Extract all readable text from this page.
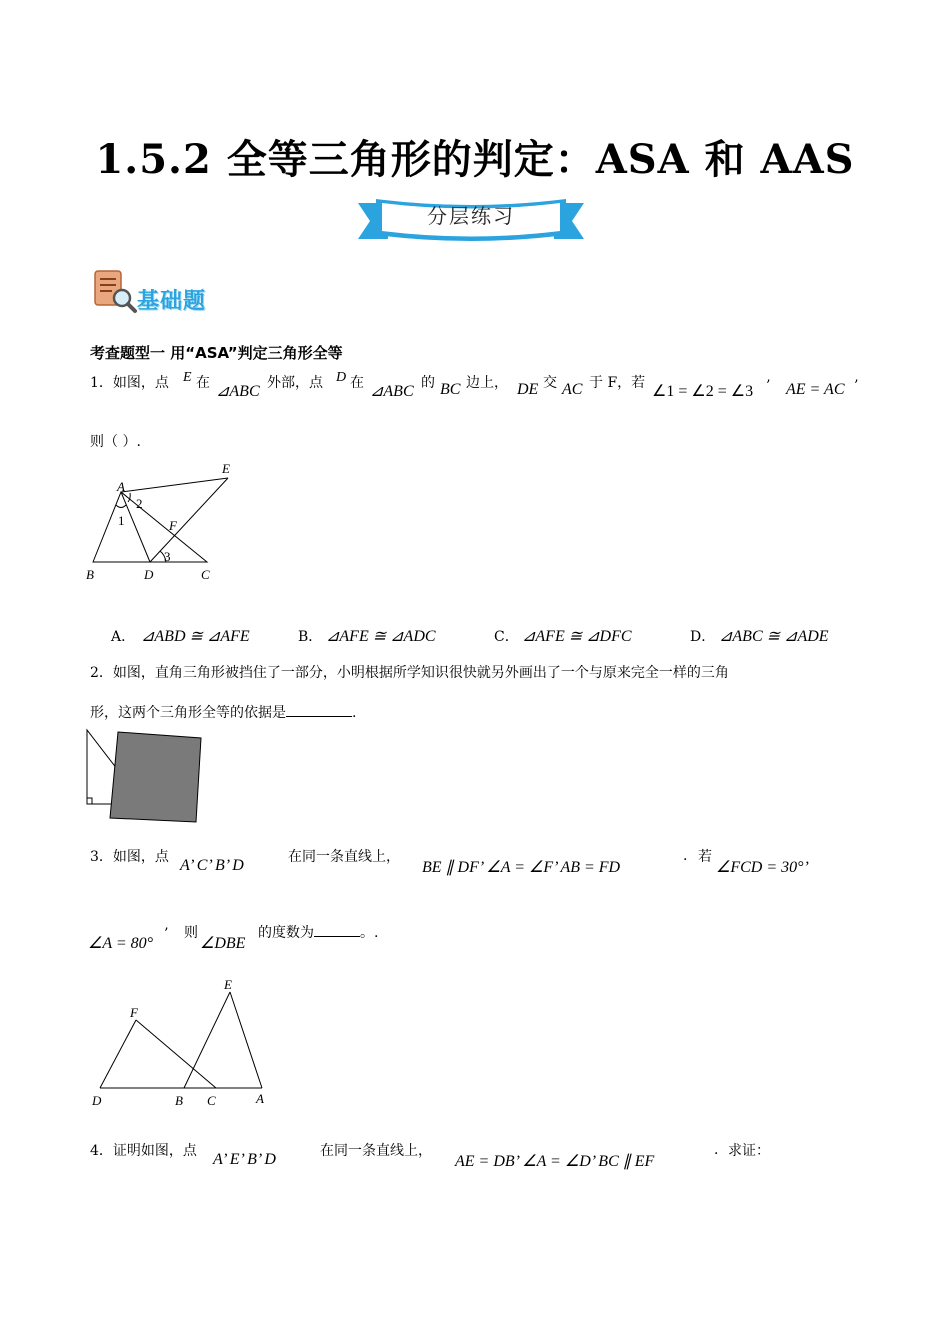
1.5.2 全等三角形的判定：ASA 和 AAS
分层练习
基础题
考查题型一 用“ASA”判定三角形全等
1．如图，点 E 在 ⊿ABC 外部，点 D 在 ⊿ABC 的 BC 边上， DE 交 AC 于 F，若 ∠1 = ∠2 = ∠3 ’ AE = AC ’
则（ ）.
A
B	C
D
E
F
1
2
3
A． ⊿ABD ≅ ⊿AFE	B． ⊿AFE ≅ ⊿ADC	C． ⊿AFE ≅ ⊿DFC	D． ⊿ABC ≅ ⊿ADE
2．如图，直角三角形被挡住了一部分，小明根据所学知识很快就另外画出了一个与原来完全一样的三角
形，这两个三角形全等的依据是	.
3．如图，点 A’ C’ B’ D	在同一条直线上，
BE ∥ DF’ ∠A = ∠F’ AB = FD	· 若
∠FCD = 30°’
∠A = 80°
’ 则
∠DBE
的度数为	。.
E
F
D	B C	A
4．证明如图，点 A’ E’ B’ D	在同一条直线上，
AE = DB’ ∠A = ∠D’ BC ∥ EF	· 求证：
